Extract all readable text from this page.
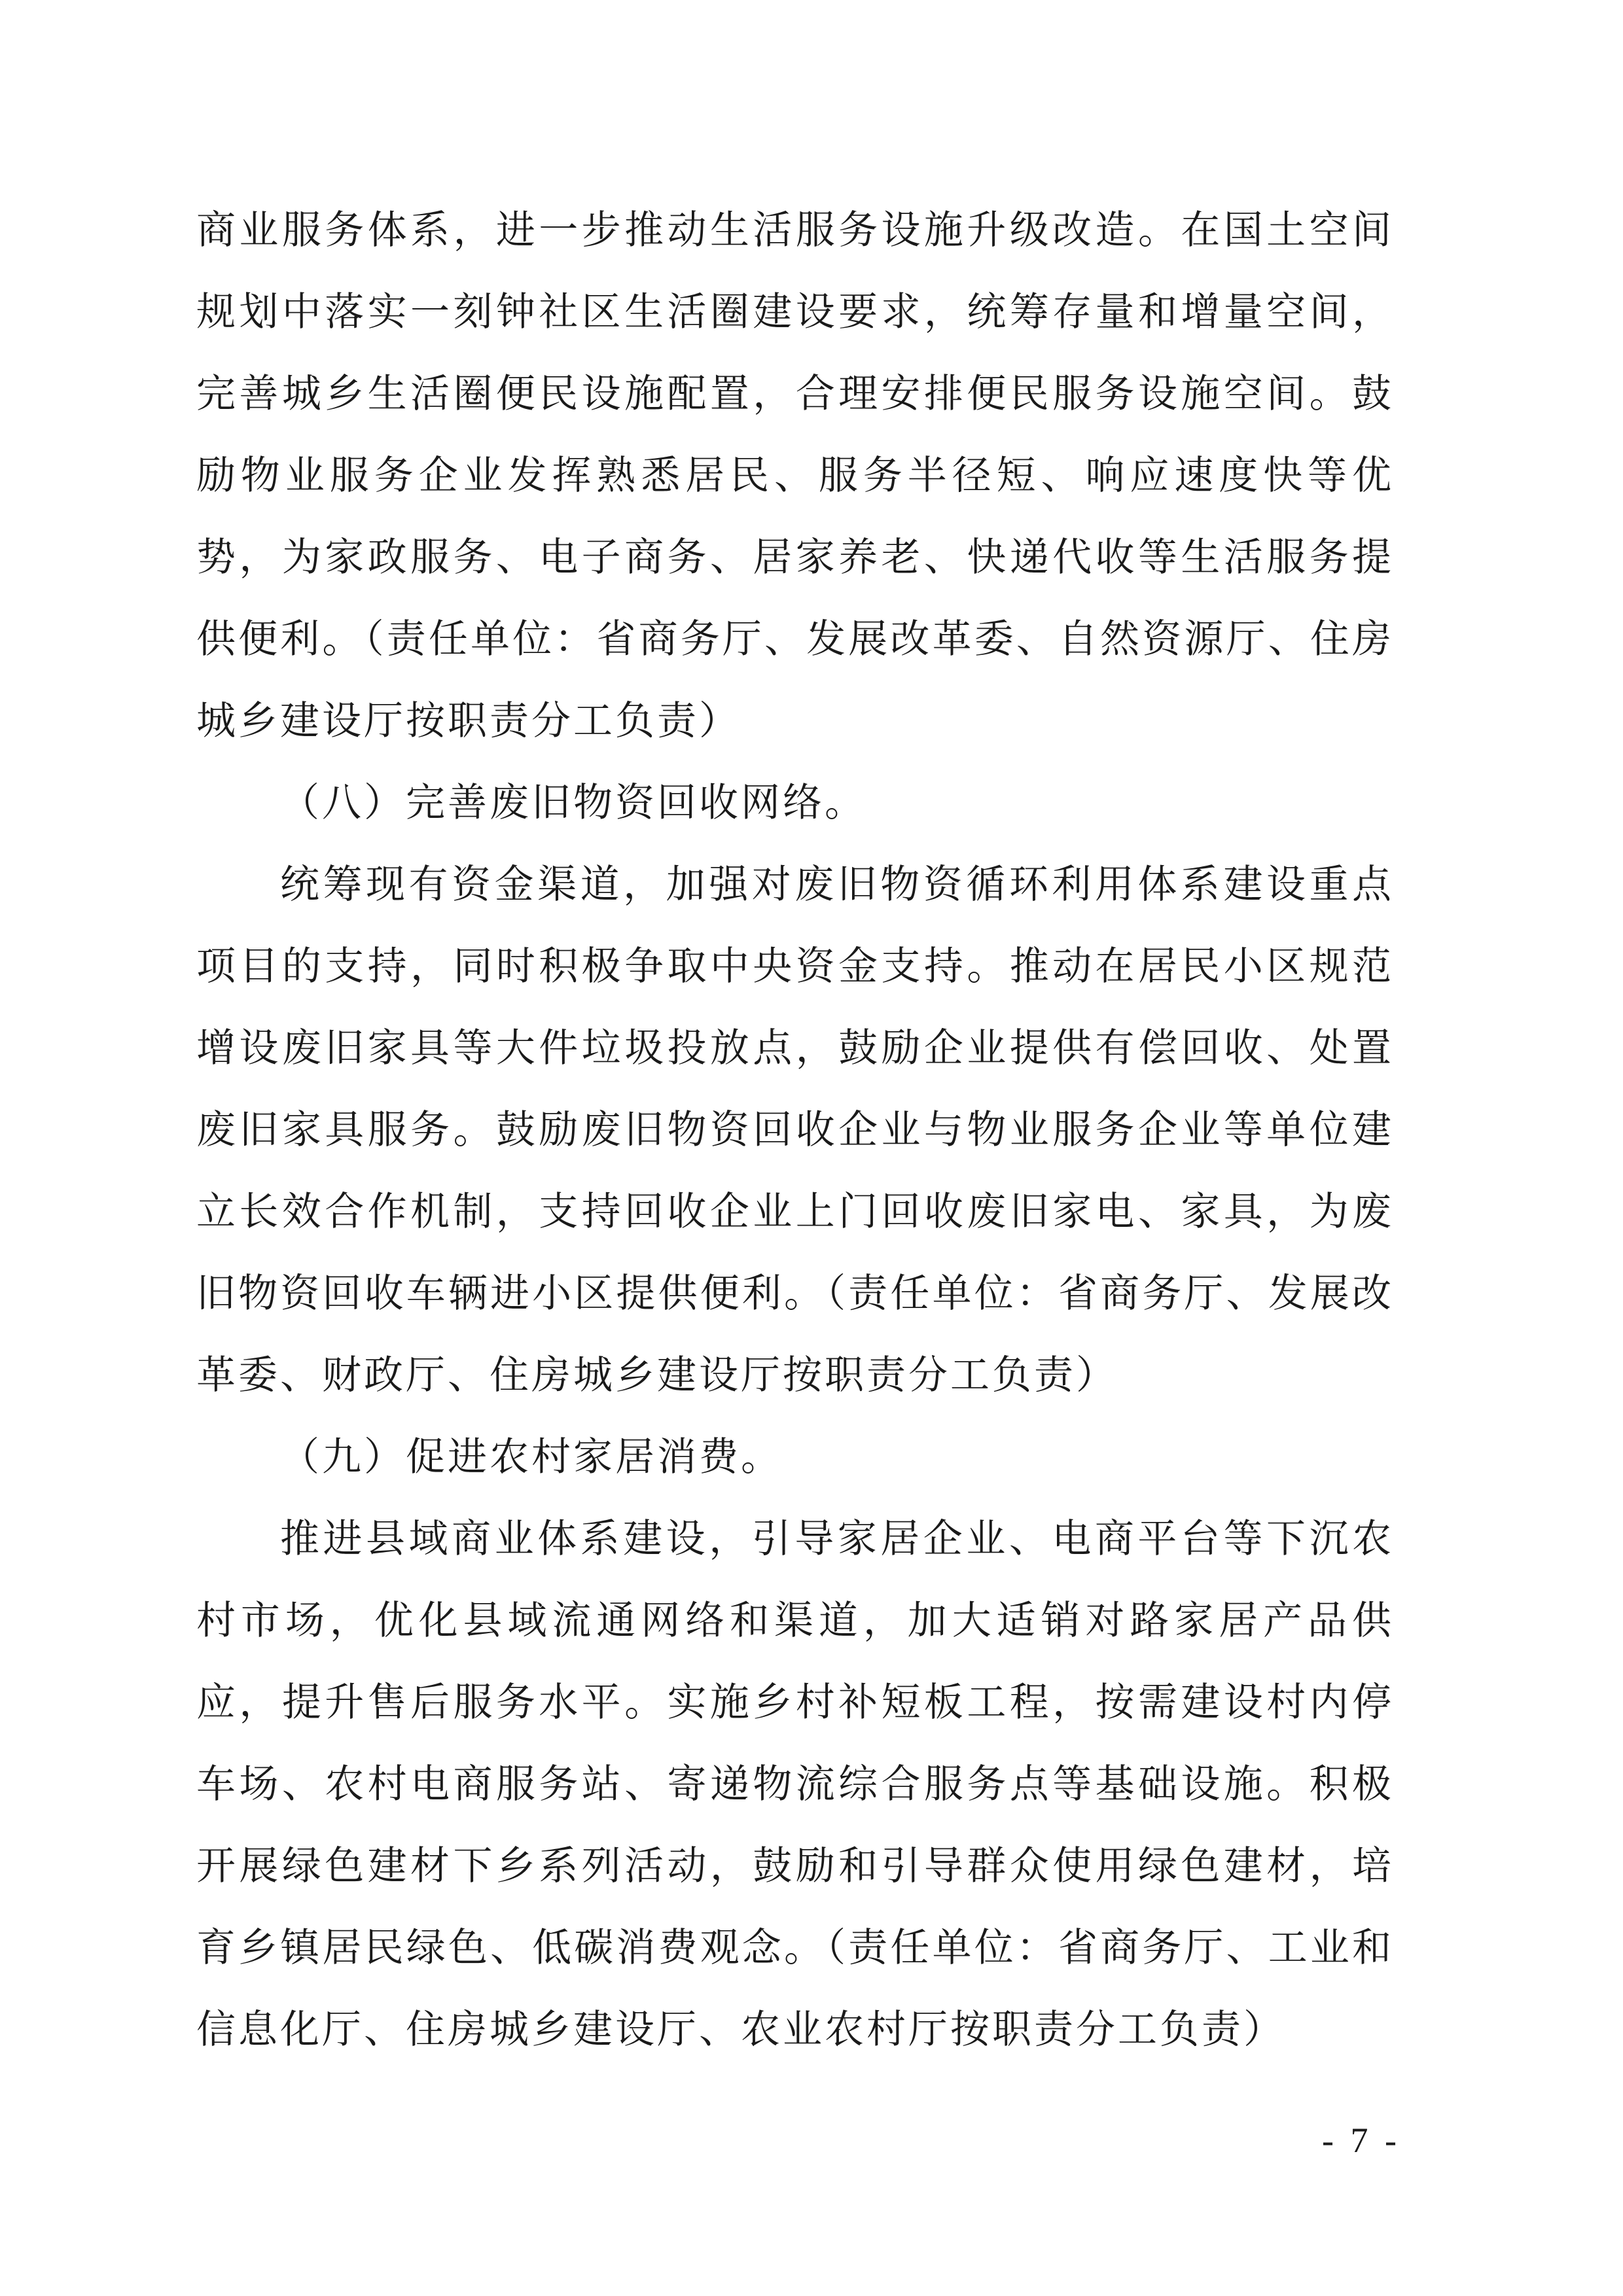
商业服务体系，进一步推动生活服务设施升级改造。在国土空间规划中落实一刻钟社区生活圈建设要求，统筹存量和增量空间，完善城乡生活圈便民设施配置，合理安排便民服务设施空间。鼓励物业服务企业发挥熟悉居民、服务半径短、响应速度快等优势，为家政服务、电子商务、居家养老、快递代收等生活服务提供便利。（责任单位：省商务厅、发展改革委、自然资源厅、住房城乡建设厅按职责分工负责）

（八）完善废旧物资回收网络。

统筹现有资金渠道，加强对废旧物资循环利用体系建设重点项目的支持，同时积极争取中央资金支持。推动在居民小区规范增设废旧家具等大件垃圾投放点，鼓励企业提供有偿回收、处置废旧家具服务。鼓励废旧物资回收企业与物业服务企业等单位建立长效合作机制，支持回收企业上门回收废旧家电、家具，为废旧物资回收车辆进小区提供便利。（责任单位：省商务厅、发展改革委、财政厅、住房城乡建设厅按职责分工负责）

（九）促进农村家居消费。

推进县域商业体系建设，引导家居企业、电商平台等下沉农村市场，优化县域流通网络和渠道，加大适销对路家居产品供应，提升售后服务水平。实施乡村补短板工程，按需建设村内停车场、农村电商服务站、寄递物流综合服务点等基础设施。积极开展绿色建材下乡系列活动，鼓励和引导群众使用绿色建材，培育乡镇居民绿色、低碳消费观念。（责任单位：省商务厅、工业和信息化厅、住房城乡建设厅、农业农村厅按职责分工负责）

- 7 -
